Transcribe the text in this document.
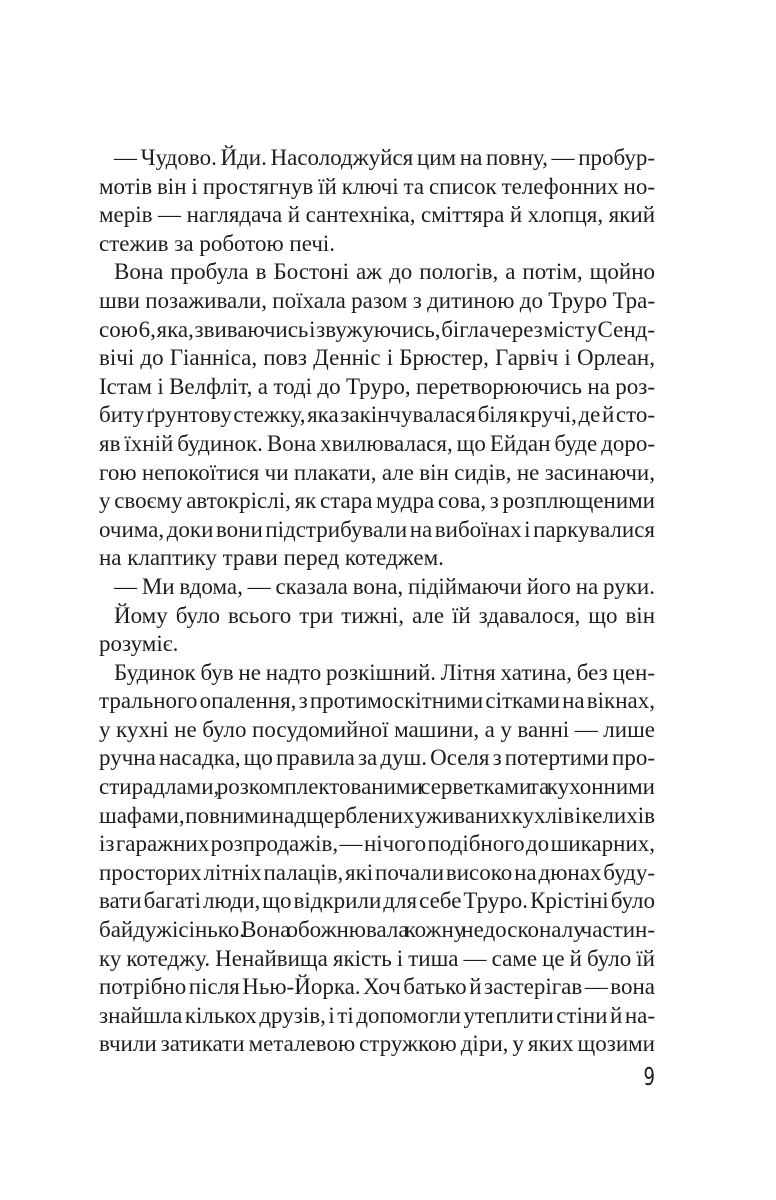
— Чудово. Йди. Насолоджуйся цим на повну, — пробур-
мотів він і простягнув їй ключі та список телефонних но-
мерів — наглядача й сантехніка, сміттяра й хлопця, який
стежив за роботою печі.
Вона пробула в Бостоні аж до пологів, а потім, щойно
шви позаживали, поїхала разом з дитиною до Труро Тра-
сою 6, яка, звиваючись і звужуючись, бігла через міст у Сенд-
вічі до Гіанніса, повз Денніс і Брюстер, Гарвіч і Орлеан,
Істам і Велфліт, а тоді до Труро, перетворюючись на роз-
биту ґрунтову стежку, яка закінчувалася біля кручі, де й сто-
яв їхній будинок. Вона хвилювалася, що Ейдан буде доро-
гою непокоїтися чи плакати, але він сидів, не засинаючи,
у своєму автокріслі, як стара мудра сова, з розплющеними
очима, доки вони підстрибували на вибоїнах і паркувалися
на клаптику трави перед котеджем.
— Ми вдома, — сказала вона, підіймаючи його на руки.
Йому було всього три тижні, але їй здавалося, що він
розуміє.
Будинок був не надто розкішний. Літня хатина, без цен-
трального опалення, з протимоскітними сітками на вікнах,
у кухні не було посудомийної машини, а у ванні — лише
ручна насадка, що правила за душ. Оселя з потертими про-
стирадлами, розкомплектованими серветками та кухонними
шафами, повними надщерблених уживаних кухлів і келихів
із гаражних розпродажів, — нічого подібного до шикарних,
просторих літніх палаців, які почали високо на дюнах буду-
вати багаті люди, що відкрили для себе Труро. Крістіні було
байдужісінько. Вона обожнювала кожну недосконалу частин-
ку котеджу. Ненайвища якість і тиша — саме це й було їй
потрібно після Нью-Йорка. Хоч батько й застерігав — вона
знайшла кількох друзів, і ті допомогли утеплити стіни й на-
вчили затикати металевою стружкою діри, у яких щозими
9
